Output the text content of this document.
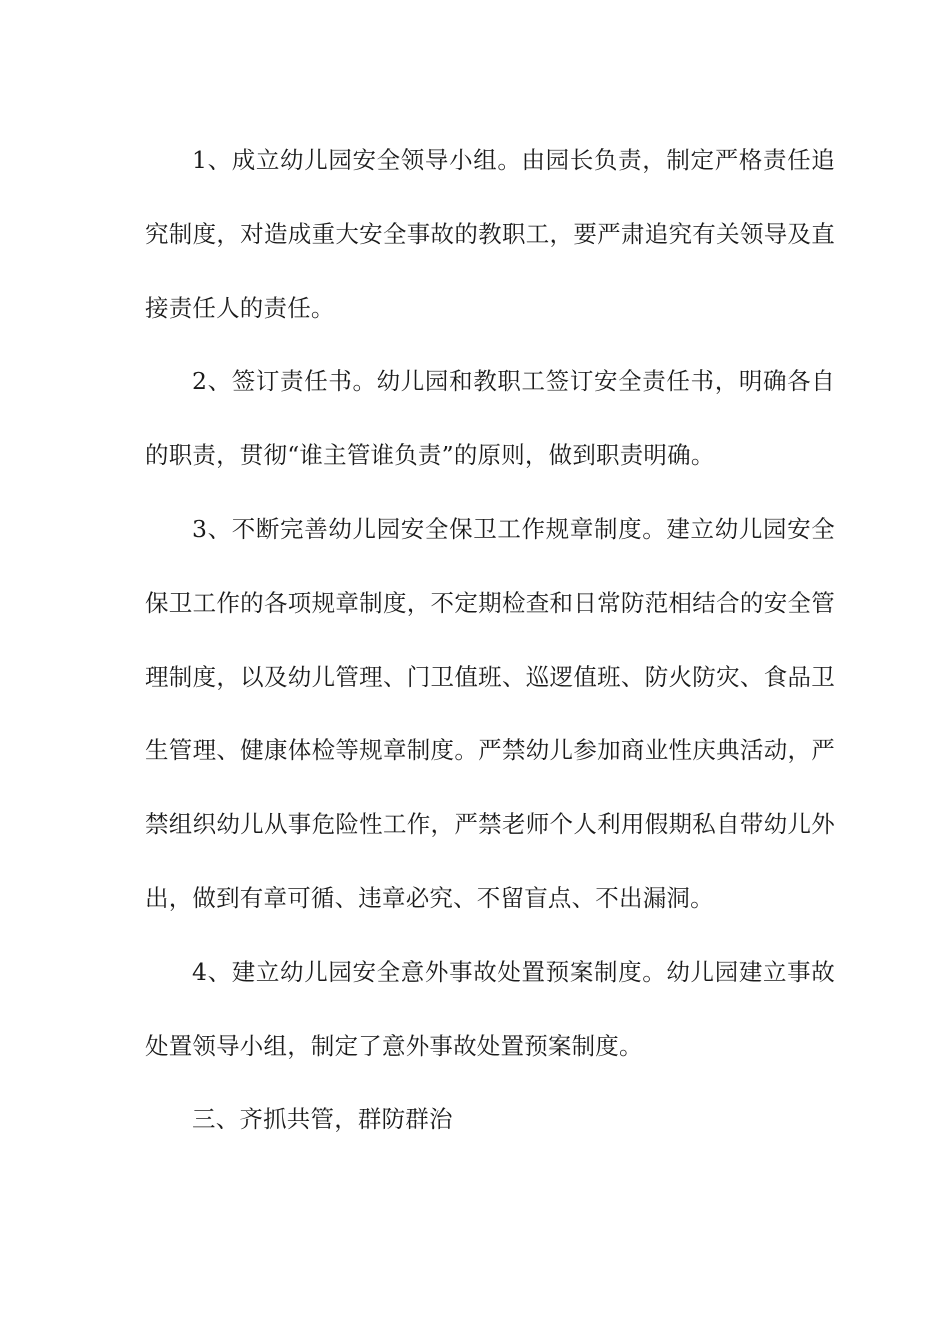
1、成立幼儿园安全领导小组。由园长负责，制定严格责任追究制度，对造成重大安全事故的教职工，要严肃追究有关领导及直接责任人的责任。

2、签订责任书。幼儿园和教职工签订安全责任书，明确各自的职责，贯彻“谁主管谁负责”的原则，做到职责明确。

3、不断完善幼儿园安全保卫工作规章制度。建立幼儿园安全保卫工作的各项规章制度，不定期检查和日常防范相结合的安全管理制度，以及幼儿管理、门卫值班、巡逻值班、防火防灾、食品卫生管理、健康体检等规章制度。严禁幼儿参加商业性庆典活动，严禁组织幼儿从事危险性工作，严禁老师个人利用假期私自带幼儿外出，做到有章可循、违章必究、不留盲点、不出漏洞。

4、建立幼儿园安全意外事故处置预案制度。幼儿园建立事故处置领导小组，制定了意外事故处置预案制度。

三、齐抓共管，群防群治
